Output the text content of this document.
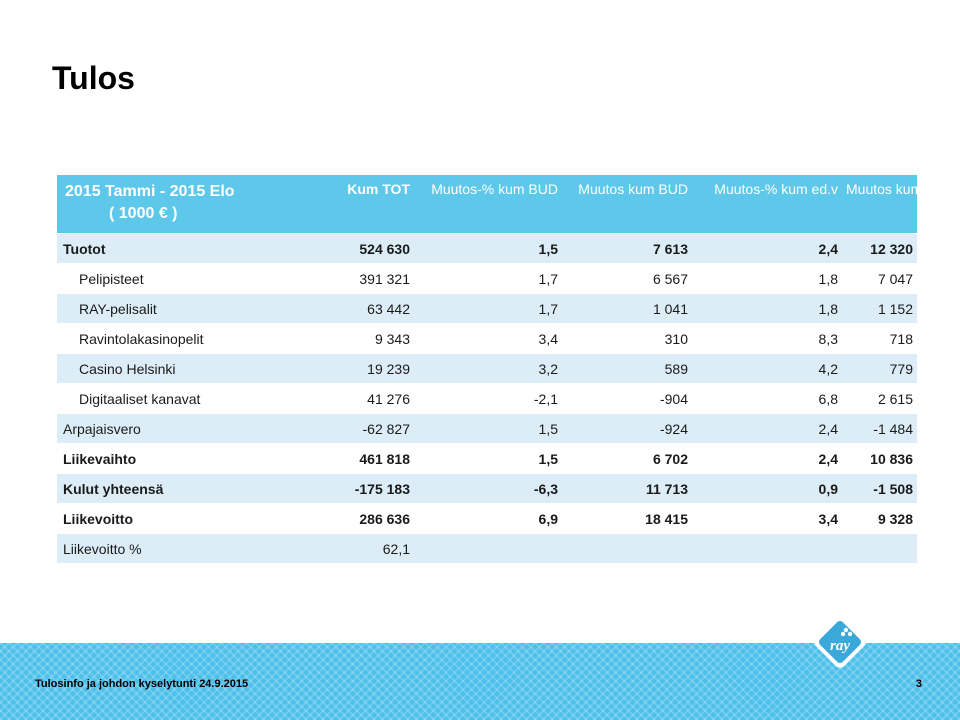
Tulos
2015 Tammi - 2015 Elo
( 1000 € )	Kum TOT	Muutos-% kum BUD	Muutos kum BUD	Muutos-% kum ed.v	Muutos kum ed.v
Tuotot	524 630	1,5	7 613	2,4	12 320
Pelipisteet	391 321	1,7	6 567	1,8	7 047
RAY-pelisalit	63 442	1,7	1 041	1,8	1 152
Ravintolakasinopelit	9 343	3,4	310	8,3	718
Casino Helsinki	19 239	3,2	589	4,2	779
Digitaaliset kanavat	41 276	-2,1	-904	6,8	2 615
Arpajaisvero	-62 827	1,5	-924	2,4	-1 484
Liikevaihto	461 818	1,5	6 702	2,4	10 836
Kulut yhteensä	-175 183	-6,3	11 713	0,9	-1 508
Liikevoitto	286 636	6,9	18 415	3,4	9 328
Liikevoitto %	62,1				
ray
Tulosinfo ja johdon kyselytunti 24.9.2015	3
